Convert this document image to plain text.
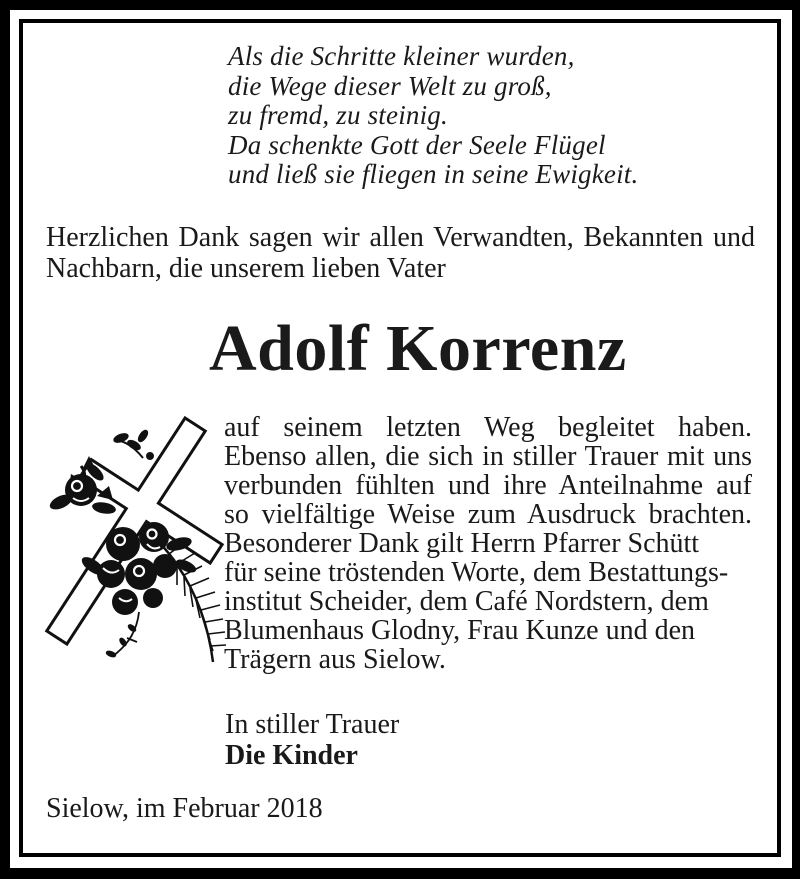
Als die Schritte kleiner wurden,
die Wege dieser Welt zu groß,
zu fremd, zu steinig.
Da schenkte Gott der Seele Flügel
und ließ sie fliegen in seine Ewigkeit.
Herzlichen Dank sagen wir allen Verwandten, Bekannten und
Nachbarn, die unserem lieben Vater
Adolf Korrenz
auf seinem letzten Weg begleitet haben.
Ebenso allen, die sich in stiller Trauer mit uns
verbunden fühlten und ihre Anteilnahme auf
so vielfältige Weise zum Ausdruck brachten.
Besonderer Dank gilt Herrn Pfarrer Schütt
für seine tröstenden Worte, dem Bestattungs-
institut Scheider, dem Café Nordstern, dem
Blumenhaus Glodny, Frau Kunze und den
Trägern aus Sielow.
In stiller Trauer
Die Kinder
Sielow, im Februar 2018
